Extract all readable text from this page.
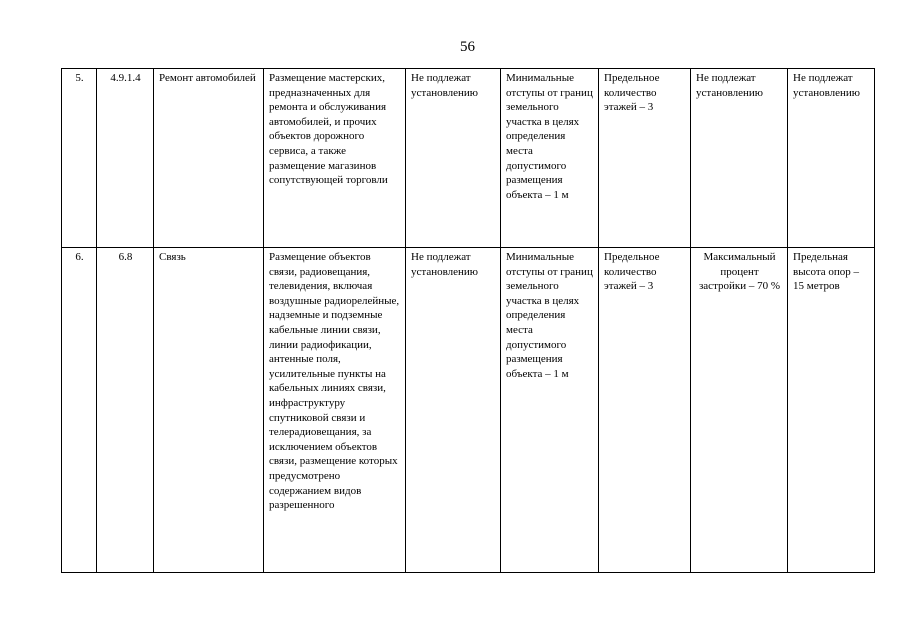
56
5.	4.9.1.4	Ремонт автомобилей	Размещение мастерских, предназначенных для ремонта и обслуживания автомобилей, и прочих объектов дорожного сервиса, а также размещение магазинов сопутствующей торговли	Не подлежат установлению	Минимальные отступы от границ земельного участка в целях определения места допустимого размещения объекта – 1 м	Предельное количество этажей – 3	Не подлежат установлению	Не подлежат установлению
6.	6.8	Связь	Размещение объектов связи, радиовещания, телевидения, включая воздушные радиорелейные, надземные и подземные кабельные линии связи, линии радиофикации, антенные поля, усилительные пункты на кабельных линиях связи, инфраструктуру спутниковой связи и телерадиовещания, за исключением объектов связи, размещение которых предусмотрено содержанием видов разрешенного	Не подлежат установлению	Минимальные отступы от границ земельного участка в целях определения места допустимого размещения объекта – 1 м	Предельное количество этажей – 3	Максимальный процент застройки – 70 %	Предельная высота опор – 15 метров
